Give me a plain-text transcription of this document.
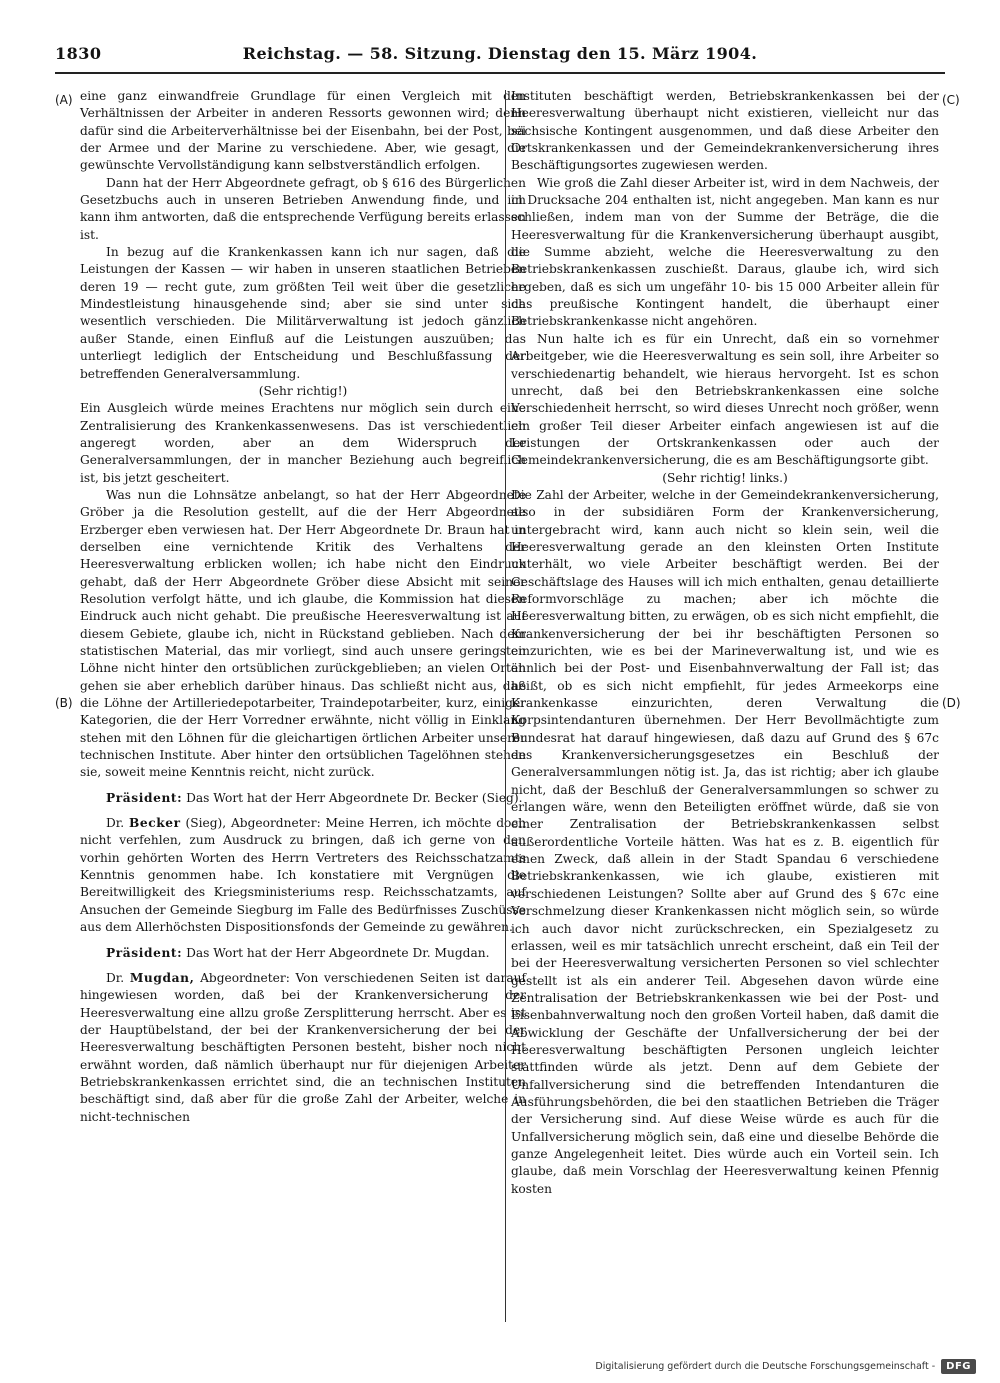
1830	Reichstag. — 58. Sitzung. Dienstag den 15. März 1904.
(A)
(B)
(C)
(D)

eine ganz einwandfreie Grundlage für einen Vergleich mit den Verhältnissen der Arbeiter in anderen Ressorts gewonnen wird; denn dafür sind die Arbeiterverhältnisse bei der Eisenbahn, bei der Post, bei der Armee und der Marine zu verschiedene. Aber, wie gesagt, die gewünschte Vervollständigung kann selbstverständlich erfolgen.

Dann hat der Herr Abgeordnete gefragt, ob § 616 des Bürgerlichen Gesetzbuchs auch in unseren Betrieben Anwendung finde, und ich kann ihm antworten, daß die entsprechende Verfügung bereits erlassen ist.

In bezug auf die Krankenkassen kann ich nur sagen, daß die Leistungen der Kassen — wir haben in unseren staatlichen Betrieben deren 19 — recht gute, zum größten Teil weit über die gesetzliche Mindestleistung hinausgehende sind; aber sie sind unter sich wesentlich verschieden. Die Militärverwaltung ist jedoch gänzlich außer Stande, einen Einfluß auf die Leistungen auszuüben; das unterliegt lediglich der Entscheidung und Beschlußfassung der betreffenden Generalversammlung.

(Sehr richtig!)

Ein Ausgleich würde meines Erachtens nur möglich sein durch eine Zentralisierung des Krankenkassenwesens. Das ist verschiedentlich angeregt worden, aber an dem Widerspruch der Generalversammlungen, der in mancher Beziehung auch begreiflich ist, bis jetzt gescheitert.

Was nun die Lohnsätze anbelangt, so hat der Herr Abgeordnete Gröber ja die Resolution gestellt, auf die der Herr Abgeordnete Erzberger eben verwiesen hat. Der Herr Abgeordnete Dr. Braun hat in derselben eine vernichtende Kritik des Verhaltens der Heeresverwaltung erblicken wollen; ich habe nicht den Eindruck gehabt, daß der Herr Abgeordnete Gröber diese Absicht mit seiner Resolution verfolgt hätte, und ich glaube, die Kommission hat diesen Eindruck auch nicht gehabt. Die preußische Heeresverwaltung ist auf diesem Gebiete, glaube ich, nicht in Rückstand geblieben. Nach dem statistischen Material, das mir vorliegt, sind auch unsere geringsten Löhne nicht hinter den ortsüblichen zurückgeblieben; an vielen Orten gehen sie aber erheblich darüber hinaus. Das schließt nicht aus, daß die Löhne der Artilleriedepotarbeiter, Traindepotarbeiter, kurz, einiger Kategorien, die der Herr Vorredner erwähnte, nicht völlig in Einklang stehen mit den Löhnen für die gleichartigen örtlichen Arbeiter unserer technischen Institute. Aber hinter den ortsüblichen Tagelöhnen stehen sie, soweit meine Kenntnis reicht, nicht zurück.

Präsident: Das Wort hat der Herr Abgeordnete Dr. Becker (Sieg).

Dr. Becker (Sieg), Abgeordneter: Meine Herren, ich möchte doch nicht verfehlen, zum Ausdruck zu bringen, daß ich gerne von den vorhin gehörten Worten des Herrn Vertreters des Reichsschatzamts Kenntnis genommen habe. Ich konstatiere mit Vergnügen die Bereitwilligkeit des Kriegsministeriums resp. Reichsschatzamts, auf Ansuchen der Gemeinde Siegburg im Falle des Bedürfnisses Zuschüsse aus dem Allerhöchsten Dispositionsfonds der Gemeinde zu gewähren.

Präsident: Das Wort hat der Herr Abgeordnete Dr. Mugdan.

Dr. Mugdan, Abgeordneter: Von verschiedenen Seiten ist darauf hingewiesen worden, daß bei der Krankenversicherung der Heeresverwaltung eine allzu große Zersplitterung herrscht. Aber es ist der Hauptübelstand, der bei der Krankenversicherung der bei der Heeresverwaltung beschäftigten Personen besteht, bisher noch nicht erwähnt worden, daß nämlich überhaupt nur für diejenigen Arbeiter Betriebskrankenkassen errichtet sind, die an technischen Instituten beschäftigt sind, daß aber für die große Zahl der Arbeiter, welche in nicht-technischen

Instituten beschäftigt werden, Betriebskrankenkassen bei der Heeresverwaltung überhaupt nicht existieren, vielleicht nur das sächsische Kontingent ausgenommen, und daß diese Arbeiter den Ortskrankenkassen und der Gemeindekrankenversicherung ihres Beschäftigungsortes zugewiesen werden.

Wie groß die Zahl dieser Arbeiter ist, wird in dem Nachweis, der in Drucksache 204 enthalten ist, nicht angegeben. Man kann es nur schließen, indem man von der Summe der Beträge, die die Heeresverwaltung für die Krankenversicherung überhaupt ausgibt, die Summe abzieht, welche die Heeresverwaltung zu den Betriebskrankenkassen zuschießt. Daraus, glaube ich, wird sich ergeben, daß es sich um ungefähr 10- bis 15 000 Arbeiter allein für das preußische Kontingent handelt, die überhaupt einer Betriebskrankenkasse nicht angehören.

Nun halte ich es für ein Unrecht, daß ein so vornehmer Arbeitgeber, wie die Heeresverwaltung es sein soll, ihre Arbeiter so verschiedenartig behandelt, wie hieraus hervorgeht. Ist es schon unrecht, daß bei den Betriebskrankenkassen eine solche Verschiedenheit herrscht, so wird dieses Unrecht noch größer, wenn ein großer Teil dieser Arbeiter einfach angewiesen ist auf die Leistungen der Ortskrankenkassen oder auch der Gemeindekrankenversicherung, die es am Beschäftigungsorte gibt.

(Sehr richtig! links.)

Die Zahl der Arbeiter, welche in der Gemeindekrankenversicherung, also in der subsidiären Form der Krankenversicherung, untergebracht wird, kann auch nicht so klein sein, weil die Heeresverwaltung gerade an den kleinsten Orten Institute unterhält, wo viele Arbeiter beschäftigt werden. Bei der Geschäftslage des Hauses will ich mich enthalten, genau detaillierte Reformvorschläge zu machen; aber ich möchte die Heeresverwaltung bitten, zu erwägen, ob es sich nicht empfiehlt, die Krankenversicherung der bei ihr beschäftigten Personen so einzurichten, wie es bei der Marineverwaltung ist, und wie es ähnlich bei der Post- und Eisenbahnverwaltung der Fall ist; das heißt, ob es sich nicht empfiehlt, für jedes Armeekorps eine Krankenkasse einzurichten, deren Verwaltung die Korpsintendanturen übernehmen. Der Herr Bevollmächtigte zum Bundesrat hat darauf hingewiesen, daß dazu auf Grund des § 67c des Krankenversicherungsgesetzes ein Beschluß der Generalversammlungen nötig ist. Ja, das ist richtig; aber ich glaube nicht, daß der Beschluß der Generalversammlungen so schwer zu erlangen wäre, wenn den Beteiligten eröffnet würde, daß sie von einer Zentralisation der Betriebskrankenkassen selbst außerordentliche Vorteile hätten. Was hat es z. B. eigentlich für einen Zweck, daß allein in der Stadt Spandau 6 verschiedene Betriebskrankenkassen, wie ich glaube, existieren mit verschiedenen Leistungen? Sollte aber auf Grund des § 67c eine Verschmelzung dieser Krankenkassen nicht möglich sein, so würde ich auch davor nicht zurückschrecken, ein Spezialgesetz zu erlassen, weil es mir tatsächlich unrecht erscheint, daß ein Teil der bei der Heeresverwaltung versicherten Personen so viel schlechter gestellt ist als ein anderer Teil. Abgesehen davon würde eine Zentralisation der Betriebskrankenkassen wie bei der Post- und Eisenbahnverwaltung noch den großen Vorteil haben, daß damit die Abwicklung der Geschäfte der Unfallversicherung der bei der Heeresverwaltung beschäftigten Personen ungleich leichter stattfinden würde als jetzt. Denn auf dem Gebiete der Unfallversicherung sind die betreffenden Intendanturen die Ausführungsbehörden, die bei den staatlichen Betrieben die Träger der Versicherung sind. Auf diese Weise würde es auch für die Unfallversicherung möglich sein, daß eine und dieselbe Behörde die ganze Angelegenheit leitet. Dies würde auch ein Vorteil sein. Ich glaube, daß mein Vorschlag der Heeresverwaltung keinen Pfennig kosten

Digitalisierung gefördert durch die Deutsche Forschungsgemeinschaft -	DFG
